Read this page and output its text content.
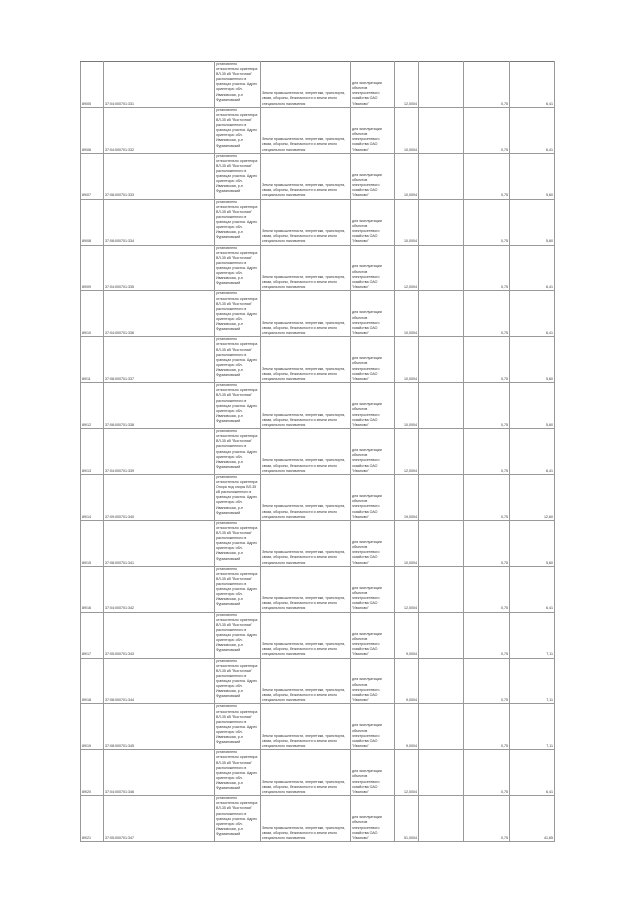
89/05	37:04:000701:331	установлено относительно ориентира ВЛ-35 кВ "Восточная" расположенного в границах участка. Адрес ориентира: обл. Ивановская, р-н Фурмановский	Земли промышленности, энергетики, транспорта, связи, обороны, безопасности и земли иного специального назначения	для эксплуатации объектов электросетевого хозяйства ОАО "Иваново"	12,0004		0,75	6,41
89/06	37:04:000701:332	установлено относительно ориентира ВЛ-35 кВ "Восточная" расположенного в границах участка. Адрес ориентира: обл. Ивановская, р-н Фурмановский	Земли промышленности, энергетики, транспорта, связи, обороны, безопасности и земли иного специального назначения	для эксплуатации объектов электросетевого хозяйства ОАО "Иваново"	10,0004		0,75	6,41
89/07	37:08:000701:333	установлено относительно ориентира ВЛ-35 кВ "Восточная" расположенного в границах участка. Адрес ориентира: обл. Ивановская, р-н Фурмановский	Земли промышленности, энергетики, транспорта, связи, обороны, безопасности и земли иного специального назначения	для эксплуатации объектов электросетевого хозяйства ОАО "Иваново"	10,0004		0,75	5,60
89/08	37:08:000701:334	установлено относительно ориентира ВЛ-35 кВ "Восточная" расположенного в границах участка. Адрес ориентира: обл. Ивановская, р-н Фурмановский	Земли промышленности, энергетики, транспорта, связи, обороны, безопасности и земли иного специального назначения	для эксплуатации объектов электросетевого хозяйства ОАО "Иваново"	10,0004		0,75	5,60
89/09	37:04:000701:335	установлено относительно ориентира ВЛ-35 кВ "Восточная" расположенного в границах участка. Адрес ориентира: обл. Ивановская, р-н Фурмановский	Земли промышленности, энергетики, транспорта, связи, обороны, безопасности и земли иного специального назначения	для эксплуатации объектов электросетевого хозяйства ОАО "Иваново"	12,0004		0,75	6,41
89/10	37:04:000701:336	установлено относительно ориентира ВЛ-35 кВ "Восточная" расположенного в границах участка. Адрес ориентира: обл. Ивановская, р-н Фурмановский	Земли промышленности, энергетики, транспорта, связи, обороны, безопасности и земли иного специального назначения	для эксплуатации объектов электросетевого хозяйства ОАО "Иваново"	10,0004		0,75	6,41
89/11	37:08:000701:337	установлено относительно ориентира ВЛ-35 кВ "Восточная" расположенного в границах участка. Адрес ориентира: обл. Ивановская, р-н Фурмановский	Земли промышленности, энергетики, транспорта, связи, обороны, безопасности и земли иного специального назначения	для эксплуатации объектов электросетевого хозяйства ОАО "Иваново"	10,0004		0,75	5,60
89/12	37:08:000701:338	установлено относительно ориентира ВЛ-35 кВ "Восточная" расположенного в границах участка. Адрес ориентира: обл. Ивановская, р-н Фурмановский	Земли промышленности, энергетики, транспорта, связи, обороны, безопасности и земли иного специального назначения	для эксплуатации объектов электросетевого хозяйства ОАО "Иваново"	10,0004		0,75	5,60
89/13	37:04:000701:339	установлено относительно ориентира ВЛ-35 кВ "Восточная" расположенного в границах участка. Адрес ориентира: обл. Ивановская, р-н Фурмановский	Земли промышленности, энергетики, транспорта, связи, обороны, безопасности и земли иного специального назначения	для эксплуатации объектов электросетевого хозяйства ОАО "Иваново"	12,0004		0,75	6,41
89/14	37:09:000701:340	установлено относительно ориентира Опора под опоры ВЛ-35 кВ расположенного в границах участка. Адрес ориентира: обл. Ивановская, р-н Фурмановский	Земли промышленности, энергетики, транспорта, связи, обороны, безопасности и земли иного специального назначения	для эксплуатации объектов электросетевого хозяйства ОАО "Иваново"	19,0004		0,75	12,60
89/15	37:08:000701:341	установлено относительно ориентира ВЛ-35 кВ "Восточная" расположенного в границах участка. Адрес ориентира: обл. Ивановская, р-н Фурмановский	Земли промышленности, энергетики, транспорта, связи, обороны, безопасности и земли иного специального назначения	для эксплуатации объектов электросетевого хозяйства ОАО "Иваново"	10,0004		0,75	5,60
89/16	37:04:000701:342	установлено относительно ориентира ВЛ-35 кВ "Восточная" расположенного в границах участка. Адрес ориентира: обл. Ивановская, р-н Фурмановский	Земли промышленности, энергетики, транспорта, связи, обороны, безопасности и земли иного специального назначения	для эксплуатации объектов электросетевого хозяйства ОАО "Иваново"	12,0004		0,75	6,41
89/17	37:05:000701:343	установлено относительно ориентира ВЛ-35 кВ "Восточная" расположенного в границах участка. Адрес ориентира: обл. Ивановская, р-н Фурмановский	Земли промышленности, энергетики, транспорта, связи, обороны, безопасности и земли иного специального назначения	для эксплуатации объектов электросетевого хозяйства ОАО "Иваново"	9,0004		0,75	7,11
89/18	37:08:000701:344	установлено относительно ориентира ВЛ-35 кВ "Восточная" расположенного в границах участка. Адрес ориентира: обл. Ивановская, р-н Фурмановский	Земли промышленности, энергетики, транспорта, связи, обороны, безопасности и земли иного специального назначения	для эксплуатации объектов электросетевого хозяйства ОАО "Иваново"	9,0004		0,75	7,11
89/19	37:08:000701:345	установлено относительно ориентира ВЛ-35 кВ "Восточная" расположенного в границах участка. Адрес ориентира: обл. Ивановская, р-н Фурмановский	Земли промышленности, энергетики, транспорта, связи, обороны, безопасности и земли иного специального назначения	для эксплуатации объектов электросетевого хозяйства ОАО "Иваново"	9,0004		0,75	7,11
89/20	37:04:000701:346	установлено относительно ориентира ВЛ-35 кВ "Восточная" расположенного в границах участка. Адрес ориентира: обл. Ивановская, р-н Фурмановский	Земли промышленности, энергетики, транспорта, связи, обороны, безопасности и земли иного специального назначения	для эксплуатации объектов электросетевого хозяйства ОАО "Иваново"	12,0004		0,75	6,41
89/21	37:05:000701:347	установлено относительно ориентира ВЛ-35 кВ "Восточная" расположенного в границах участка. Адрес ориентира: обл. Ивановская, р-н Фурмановский	Земли промышленности, энергетики, транспорта, связи, обороны, безопасности и земли иного специального назначения	для эксплуатации объектов электросетевого хозяйства ОАО "Иваново"	51,0004		0,75	41,65
